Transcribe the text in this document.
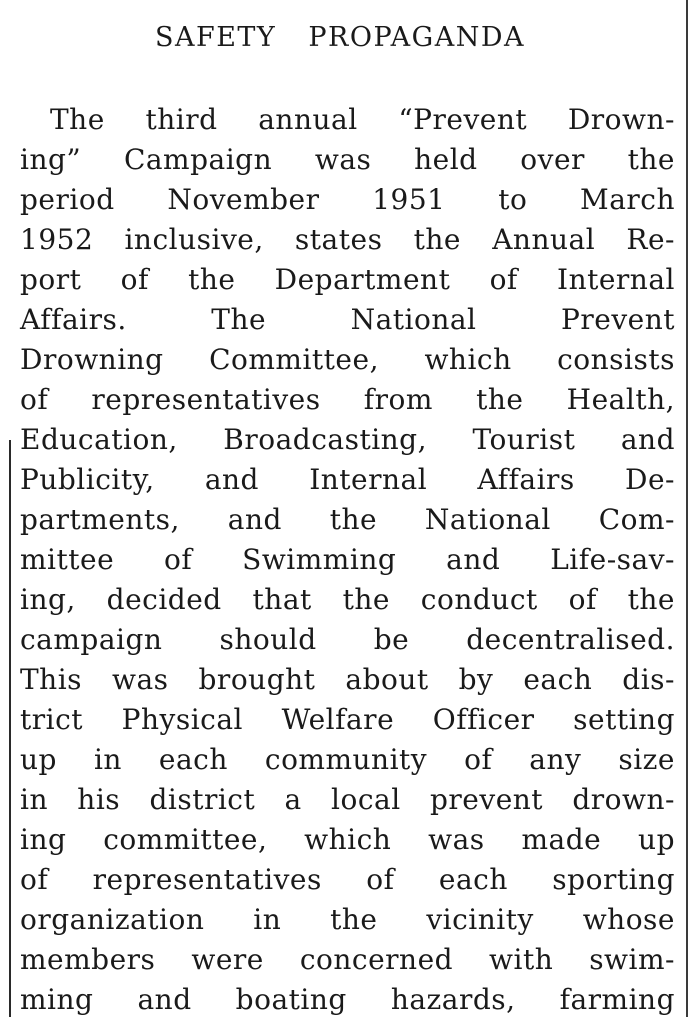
SAFETY PROPAGANDA
The third annual “Prevent Drown-
ing” Campaign was held over the
period November 1951 to March
1952 inclusive, states the Annual Re-
port of the Department of Internal
Affairs. The National Prevent
Drowning Committee, which consists
of representatives from the Health,
Education, Broadcasting, Tourist and
Publicity, and Internal Affairs De-
partments, and the National Com-
mittee of Swimming and Life-sav-
ing, decided that the conduct of the
campaign should be decentralised.
This was brought about by each dis-
trict Physical Welfare Officer setting
up in each community of any size
in his district a local prevent drown-
ing committee, which was made up
of representatives of each sporting
organization in the vicinity whose
members were concerned with swim-
ming and boating hazards, farming
